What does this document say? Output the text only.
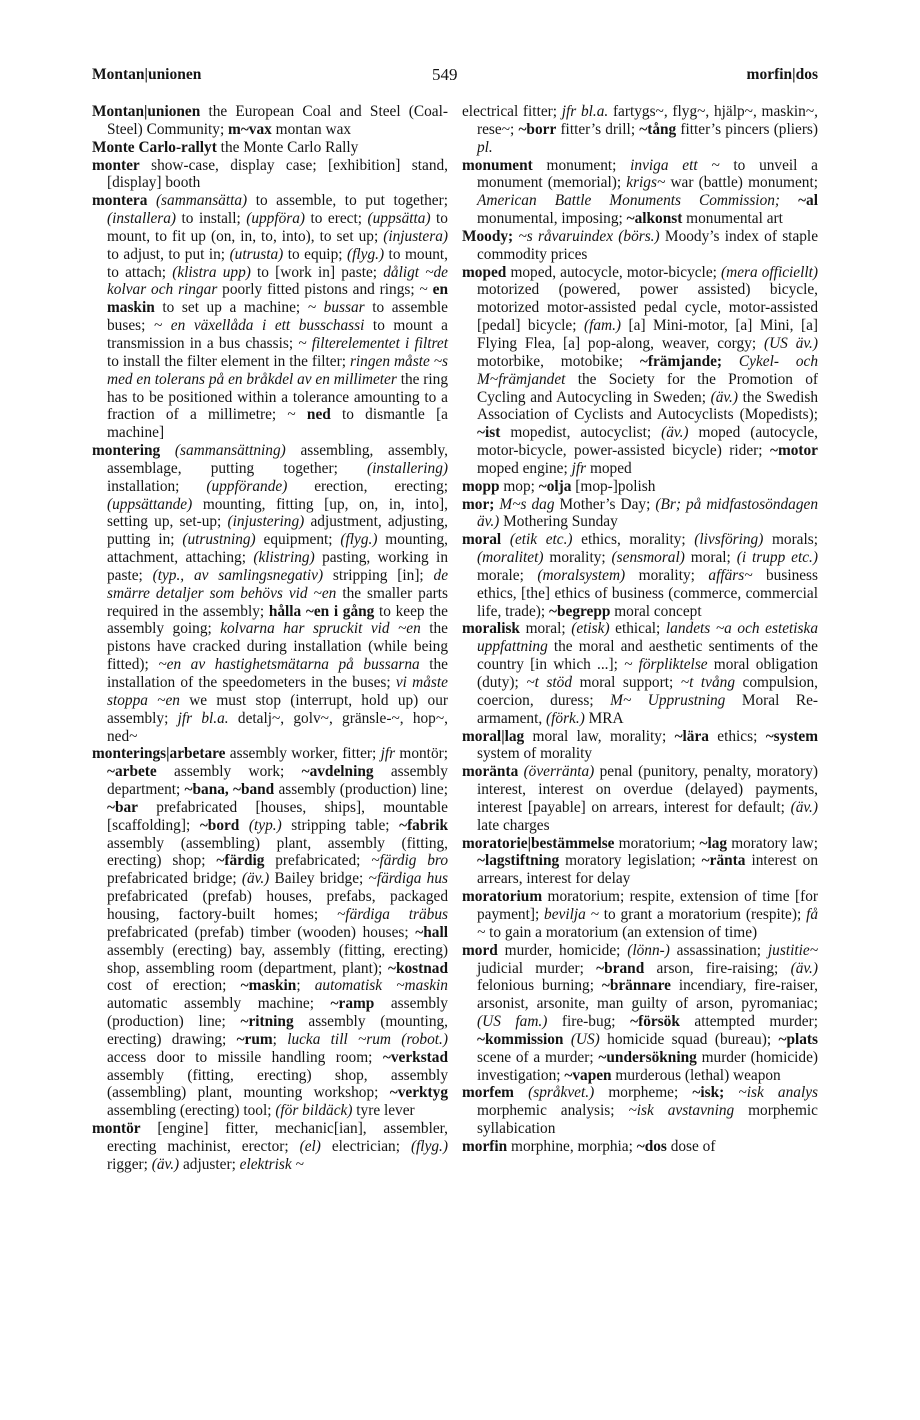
Montan|unionen	549	morfin|dos

Montan|unionen the European Coal and Steel (Coal-Steel) Community; m~vax montan wax

Monte Carlo-rallyt the Monte Carlo Rally

monter show-case, display case; [exhibition] stand, [display] booth

montera (sammansätta) to assemble, to put together; (installera) to install; (uppföra) to erect; (uppsätta) to mount, to fit up (on, in, to, into), to set up; (injustera) to adjust, to put in; (utrusta) to equip; (flyg.) to mount, to attach; (klistra upp) to [work in] paste; dåligt ~de kolvar och ringar poorly fitted pistons and rings; ~ en maskin to set up a machine; ~ bussar to assemble buses; ~ en växellåda i ett busschassi to mount a transmission in a bus chassis; ~ filterelementet i filtret to install the filter element in the filter; ringen måste ~s med en tolerans på en bråkdel av en millimeter the ring has to be positioned within a tolerance amounting to a fraction of a millimetre; ~ ned to dismantle [a machine]

montering (sammansättning) assembling, assembly, assemblage, putting together; (installering) installation; (uppförande) erection, erecting; (uppsättande) mounting, fitting [up, on, in, into], setting up, set-up; (injustering) adjustment, adjusting, putting in; (utrustning) equipment; (flyg.) mounting, attachment, attaching; (klistring) pasting, working in paste; (typ., av samlingsnegativ) stripping [in]; de smärre detaljer som behövs vid ~en the smaller parts required in the assembly; hålla ~en i gång to keep the assembly going; kolvarna har spruckit vid ~en the pistons have cracked during installation (while being fitted); ~en av hastighetsmätarna på bussarna the installation of the speedometers in the buses; vi måste stoppa ~en we must stop (interrupt, hold up) our assembly; jfr bl.a. detalj~, golv~, gränsle-~, hop~, ned~

monterings|arbetare assembly worker, fitter; jfr montör; ~arbete assembly work; ~avdelning assembly department; ~bana, ~band assembly (production) line; ~bar prefabricated [houses, ships], mountable [scaffolding]; ~bord (typ.) stripping table; ~fabrik assembly (assembling) plant, assembly (fitting, erecting) shop; ~färdig prefabricated; ~färdig bro prefabricated bridge; (äv.) Bailey bridge; ~färdiga hus prefabricated (prefab) houses, prefabs, packaged housing, factory-built homes; ~färdiga träbus prefabricated (prefab) timber (wooden) houses; ~hall assembly (erecting) bay, assembly (fitting, erecting) shop, assembling room (department, plant); ~kostnad cost of erection; ~maskin; automatisk ~maskin automatic assembly machine; ~ramp assembly (production) line; ~ritning assembly (mounting, erecting) drawing; ~rum; lucka till ~rum (robot.) access door to missile handling room; ~verkstad assembly (fitting, erecting) shop, assembly (assembling) plant, mounting workshop; ~verktyg assembling (erecting) tool; (för bildäck) tyre lever

montör [engine] fitter, mechanic[ian], assembler, erecting machinist, erector; (el) electrician; (flyg.) rigger; (äv.) adjuster; elektrisk ~

electrical fitter; jfr bl.a. fartygs~, flyg~, hjälp~, maskin~, rese~; ~borr fitter’s drill; ~tång fitter’s pincers (pliers) pl.

monument monument; inviga ett ~ to unveil a monument (memorial); krigs~ war (battle) monument; American Battle Monuments Commission; ~al monumental, imposing; ~alkonst monumental art

Moody; ~s råvaruindex (börs.) Moody’s index of staple commodity prices

moped moped, autocycle, motor-bicycle; (mera officiellt) motorized (powered, power assisted) bicycle, motorized motor-assisted pedal cycle, motor-assisted [pedal] bicycle; (fam.) [a] Mini-motor, [a] Mini, [a] Flying Flea, [a] pop-along, weaver, corgy; (US äv.) motorbike, motobike; ~främjande; Cykel- och M~främjandet the Society for the Promotion of Cycling and Autocycling in Sweden; (äv.) the Swedish Association of Cyclists and Autocyclists (Mopedists); ~ist mopedist, autocyclist; (äv.) moped (autocycle, motor-bicycle, power-assisted bicycle) rider; ~motor moped engine; jfr moped

mopp mop; ~olja [mop-]polish

mor; M~s dag Mother’s Day; (Br; på midfastosöndagen äv.) Mothering Sunday

moral (etik etc.) ethics, morality; (livsföring) morals; (moralitet) morality; (sensmoral) moral; (i trupp etc.) morale; (moralsystem) morality; affärs~ business ethics, [the] ethics of business (commerce, commercial life, trade); ~begrepp moral concept

moralisk moral; (etisk) ethical; landets ~a och estetiska uppfattning the moral and aesthetic sentiments of the country [in which ...]; ~ förpliktelse moral obligation (duty); ~t stöd moral support; ~t tvång compulsion, coercion, duress; M~ Upprustning Moral Re-armament, (förk.) MRA

moral|lag moral law, morality; ~lära ethics; ~system system of morality

moränta (överränta) penal (punitory, penalty, moratory) interest, interest on overdue (delayed) payments, interest [payable] on arrears, interest for default; (äv.) late charges

moratorie|bestämmelse moratorium; ~lag moratory law; ~lagstiftning moratory legislation; ~ränta interest on arrears, interest for delay

moratorium moratorium; respite, extension of time [for payment]; bevilja ~ to grant a moratorium (respite); få ~ to gain a moratorium (an extension of time)

mord murder, homicide; (lönn-) assassination; justitie~ judicial murder; ~brand arson, fire-raising; (äv.) felonious burning; ~brännare incendiary, fire-raiser, arsonist, arsonite, man guilty of arson, pyromaniac; (US fam.) fire-bug; ~försök attempted murder; ~kommission (US) homicide squad (bureau); ~plats scene of a murder; ~undersökning murder (homicide) investigation; ~vapen murderous (lethal) weapon

morfem (språkvet.) morpheme; ~isk; ~isk analys morphemic analysis; ~isk avstavning morphemic syllabication

morfin morphine, morphia; ~dos dose of
